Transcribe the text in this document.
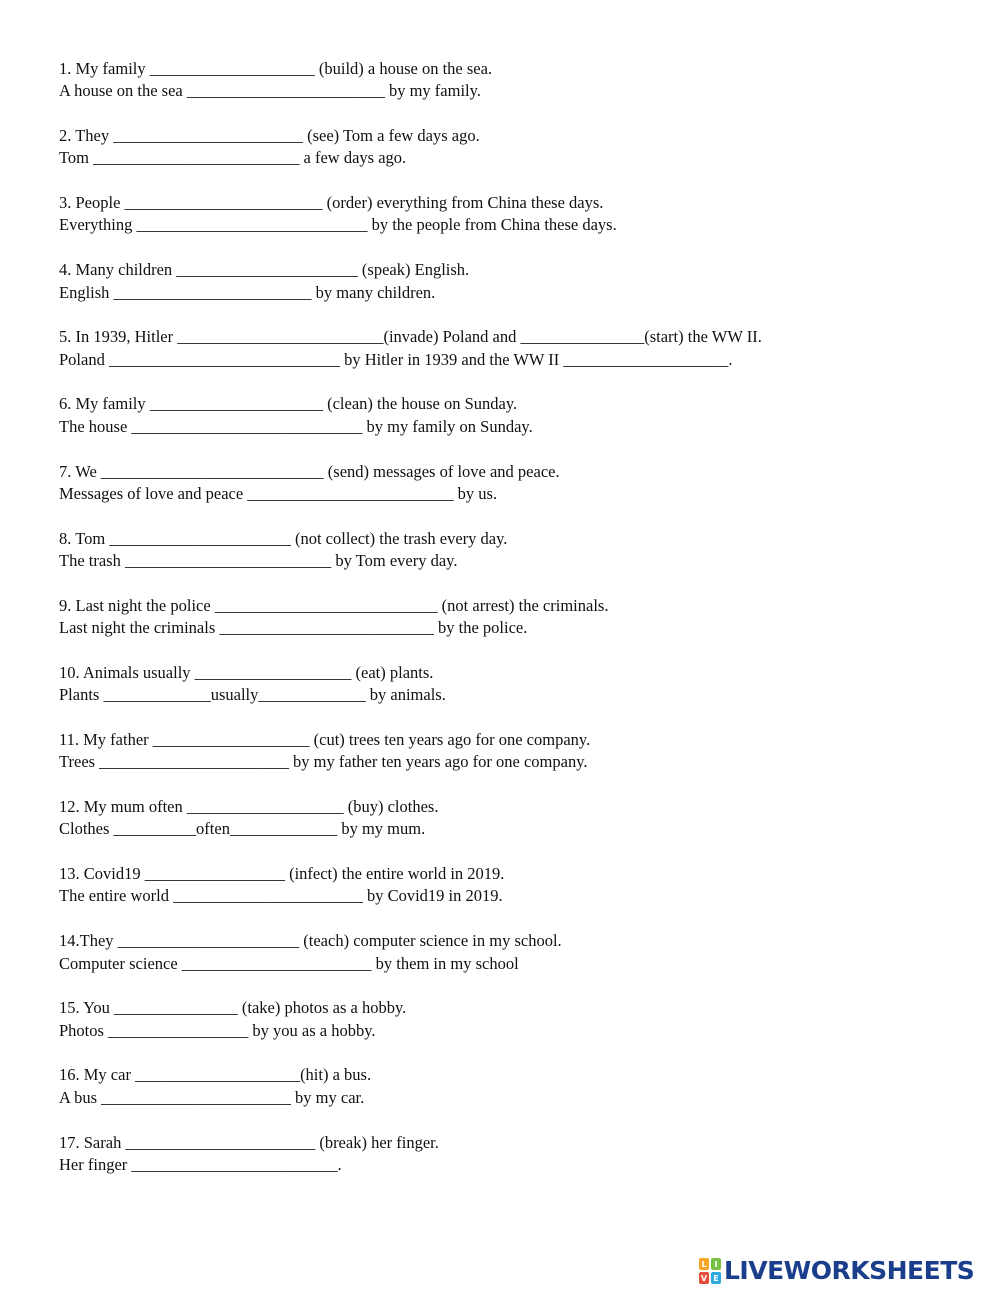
1. My family ____________________ (build) a house on the sea.
A house on the sea ________________________ by my family.
2. They _______________________ (see) Tom a few days ago.
Tom _________________________ a few days ago.
3. People ________________________ (order) everything from China these days.
Everything ____________________________ by the people from China these days.
4. Many children ______________________ (speak) English.
English ________________________ by many children.
5. In 1939, Hitler _________________________(invade) Poland and _______________(start) the WW II.
Poland ____________________________ by Hitler in 1939 and the WW II ____________________.
6. My family _____________________ (clean) the house on Sunday.
The house ____________________________ by my family on Sunday.
7. We ___________________________ (send) messages of love and peace.
Messages of love and peace _________________________ by us.
8. Tom ______________________ (not collect) the trash every day.
The trash _________________________ by Tom every day.
9. Last night the police ___________________________ (not arrest) the criminals.
Last night the criminals __________________________ by the police.
10. Animals usually ___________________ (eat) plants.
Plants _____________usually_____________ by animals.
11. My father ___________________ (cut) trees ten years ago for one company.
Trees _______________________ by my father ten years ago for one company.
12. My mum often ___________________ (buy) clothes.
Clothes __________often_____________ by my mum.
13. Covid19 _________________ (infect) the entire world in 2019.
The entire world _______________________ by Covid19 in 2019.
14.They ______________________ (teach) computer science in my school.
Computer science _______________________ by them in my school
15. You _______________ (take) photos as a hobby.
Photos _________________ by you as a hobby.
16. My car ____________________(hit) a bus.
A bus _______________________ by my car.
17. Sarah _______________________ (break) her finger.
Her finger _________________________.
L I
V E LIVEWORKSHEETS
